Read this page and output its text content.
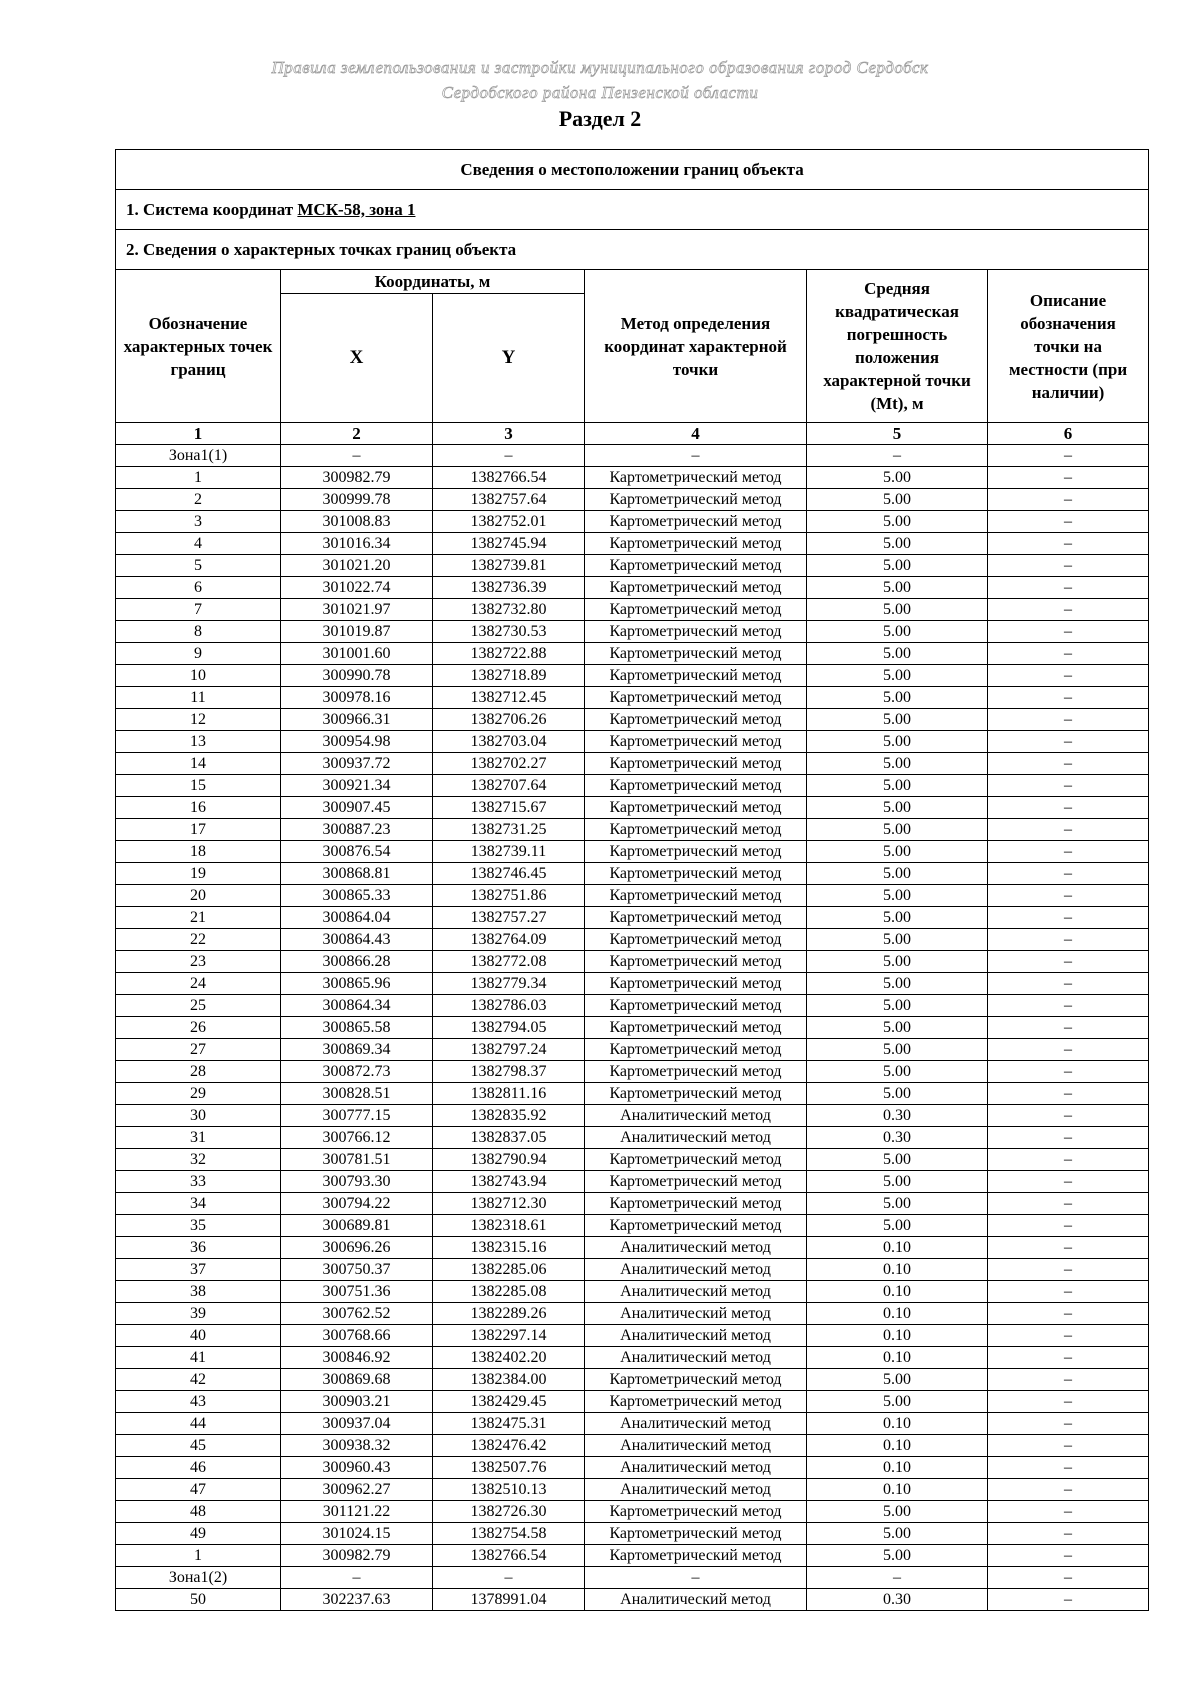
Правила землепользования и застройки муниципального образования город Сердобск
Сердобского района Пензенской области
Раздел 2
Сведения о местоположении границ объекта					
1. Система координат МСК-58, зона 1					
2. Сведения о характерных точках границ объекта					
Обозначение характерных точек границ	Координаты, м		Метод определения координат характерной точки	Средняя квадратическая погрешность положения характерной точки (Mt), м	Описание обозначения точки на местности (при наличии)
	X	Y			
1	2	3	4	5	6
Зона1(1)	–	–	–	–	–
1	300982.79	1382766.54	Картометрический метод	5.00	–
2	300999.78	1382757.64	Картометрический метод	5.00	–
3	301008.83	1382752.01	Картометрический метод	5.00	–
4	301016.34	1382745.94	Картометрический метод	5.00	–
5	301021.20	1382739.81	Картометрический метод	5.00	–
6	301022.74	1382736.39	Картометрический метод	5.00	–
7	301021.97	1382732.80	Картометрический метод	5.00	–
8	301019.87	1382730.53	Картометрический метод	5.00	–
9	301001.60	1382722.88	Картометрический метод	5.00	–
10	300990.78	1382718.89	Картометрический метод	5.00	–
11	300978.16	1382712.45	Картометрический метод	5.00	–
12	300966.31	1382706.26	Картометрический метод	5.00	–
13	300954.98	1382703.04	Картометрический метод	5.00	–
14	300937.72	1382702.27	Картометрический метод	5.00	–
15	300921.34	1382707.64	Картометрический метод	5.00	–
16	300907.45	1382715.67	Картометрический метод	5.00	–
17	300887.23	1382731.25	Картометрический метод	5.00	–
18	300876.54	1382739.11	Картометрический метод	5.00	–
19	300868.81	1382746.45	Картометрический метод	5.00	–
20	300865.33	1382751.86	Картометрический метод	5.00	–
21	300864.04	1382757.27	Картометрический метод	5.00	–
22	300864.43	1382764.09	Картометрический метод	5.00	–
23	300866.28	1382772.08	Картометрический метод	5.00	–
24	300865.96	1382779.34	Картометрический метод	5.00	–
25	300864.34	1382786.03	Картометрический метод	5.00	–
26	300865.58	1382794.05	Картометрический метод	5.00	–
27	300869.34	1382797.24	Картометрический метод	5.00	–
28	300872.73	1382798.37	Картометрический метод	5.00	–
29	300828.51	1382811.16	Картометрический метод	5.00	–
30	300777.15	1382835.92	Аналитический метод	0.30	–
31	300766.12	1382837.05	Аналитический метод	0.30	–
32	300781.51	1382790.94	Картометрический метод	5.00	–
33	300793.30	1382743.94	Картометрический метод	5.00	–
34	300794.22	1382712.30	Картометрический метод	5.00	–
35	300689.81	1382318.61	Картометрический метод	5.00	–
36	300696.26	1382315.16	Аналитический метод	0.10	–
37	300750.37	1382285.06	Аналитический метод	0.10	–
38	300751.36	1382285.08	Аналитический метод	0.10	–
39	300762.52	1382289.26	Аналитический метод	0.10	–
40	300768.66	1382297.14	Аналитический метод	0.10	–
41	300846.92	1382402.20	Аналитический метод	0.10	–
42	300869.68	1382384.00	Картометрический метод	5.00	–
43	300903.21	1382429.45	Картометрический метод	5.00	–
44	300937.04	1382475.31	Аналитический метод	0.10	–
45	300938.32	1382476.42	Аналитический метод	0.10	–
46	300960.43	1382507.76	Аналитический метод	0.10	–
47	300962.27	1382510.13	Аналитический метод	0.10	–
48	301121.22	1382726.30	Картометрический метод	5.00	–
49	301024.15	1382754.58	Картометрический метод	5.00	–
1	300982.79	1382766.54	Картометрический метод	5.00	–
Зона1(2)	–	–	–	–	–
50	302237.63	1378991.04	Аналитический метод	0.30	–
